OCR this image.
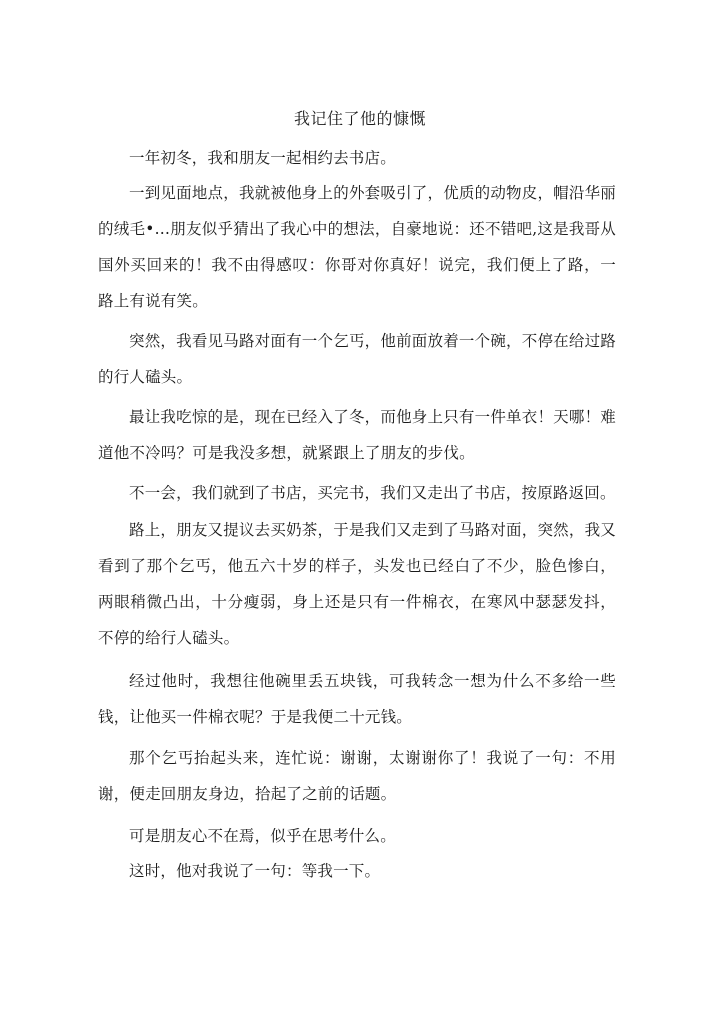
我记住了他的慷慨

一年初冬，我和朋友一起相约去书店。

一到见面地点，我就被他身上的外套吸引了，优质的动物皮，帽沿华丽的绒毛•…朋友似乎猜出了我心中的想法，自豪地说：还不错吧,这是我哥从国外买回来的！我不由得感叹：你哥对你真好！说完，我们便上了路，一路上有说有笑。

突然，我看见马路对面有一个乞丐，他前面放着一个碗，不停在给过路的行人磕头。

最让我吃惊的是，现在已经入了冬，而他身上只有一件单衣！天哪！难道他不冷吗？可是我没多想，就紧跟上了朋友的步伐。

不一会，我们就到了书店，买完书，我们又走出了书店，按原路返回。

路上，朋友又提议去买奶茶，于是我们又走到了马路对面，突然，我又看到了那个乞丐，他五六十岁的样子，头发也已经白了不少，脸色惨白，两眼稍微凸出，十分瘦弱，身上还是只有一件棉衣，在寒风中瑟瑟发抖，不停的给行人磕头。

经过他时，我想往他碗里丢五块钱，可我转念一想为什么不多给一些钱，让他买一件棉衣呢？于是我便二十元钱。

那个乞丐抬起头来，连忙说：谢谢，太谢谢你了！我说了一句：不用谢，便走回朋友身边，拾起了之前的话题。

可是朋友心不在焉，似乎在思考什么。

这时，他对我说了一句：等我一下。
